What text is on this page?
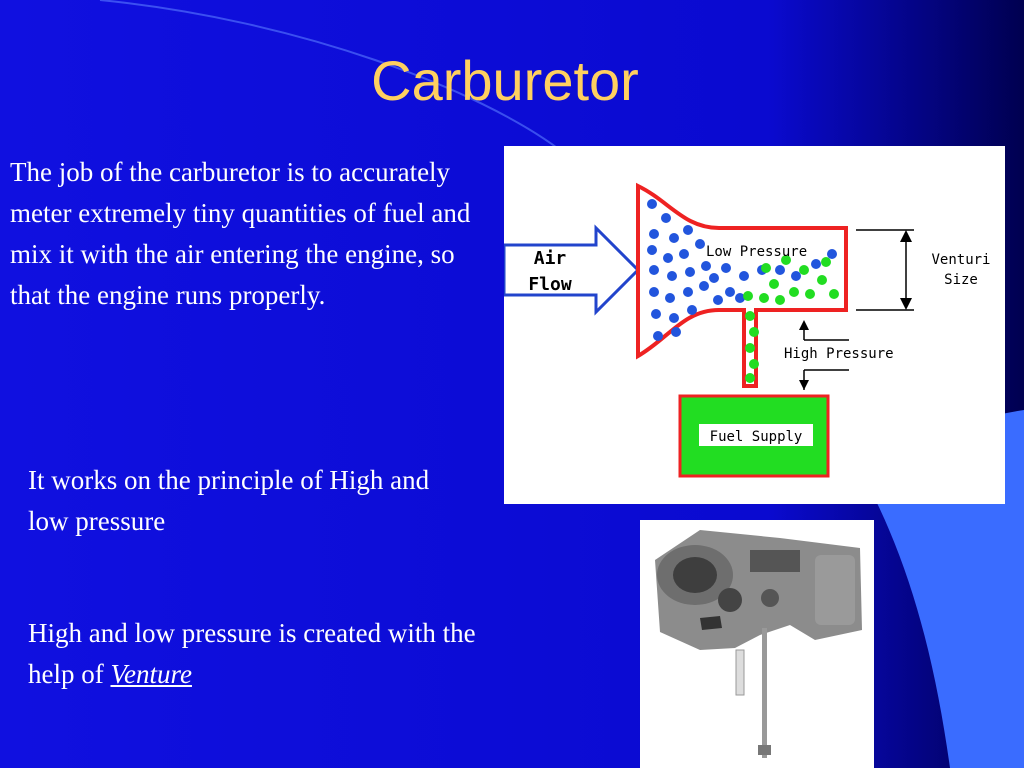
Carburetor
The job of the carburetor is to accurately meter extremely tiny quantities of fuel and mix it with the air entering the engine, so that the engine runs properly.
It works on the principle of High and low pressure
High and low pressure is created with the help of Venture
Air
Flow
Fuel Supply
Low Pressure	Venturi
Size
High Pressure
